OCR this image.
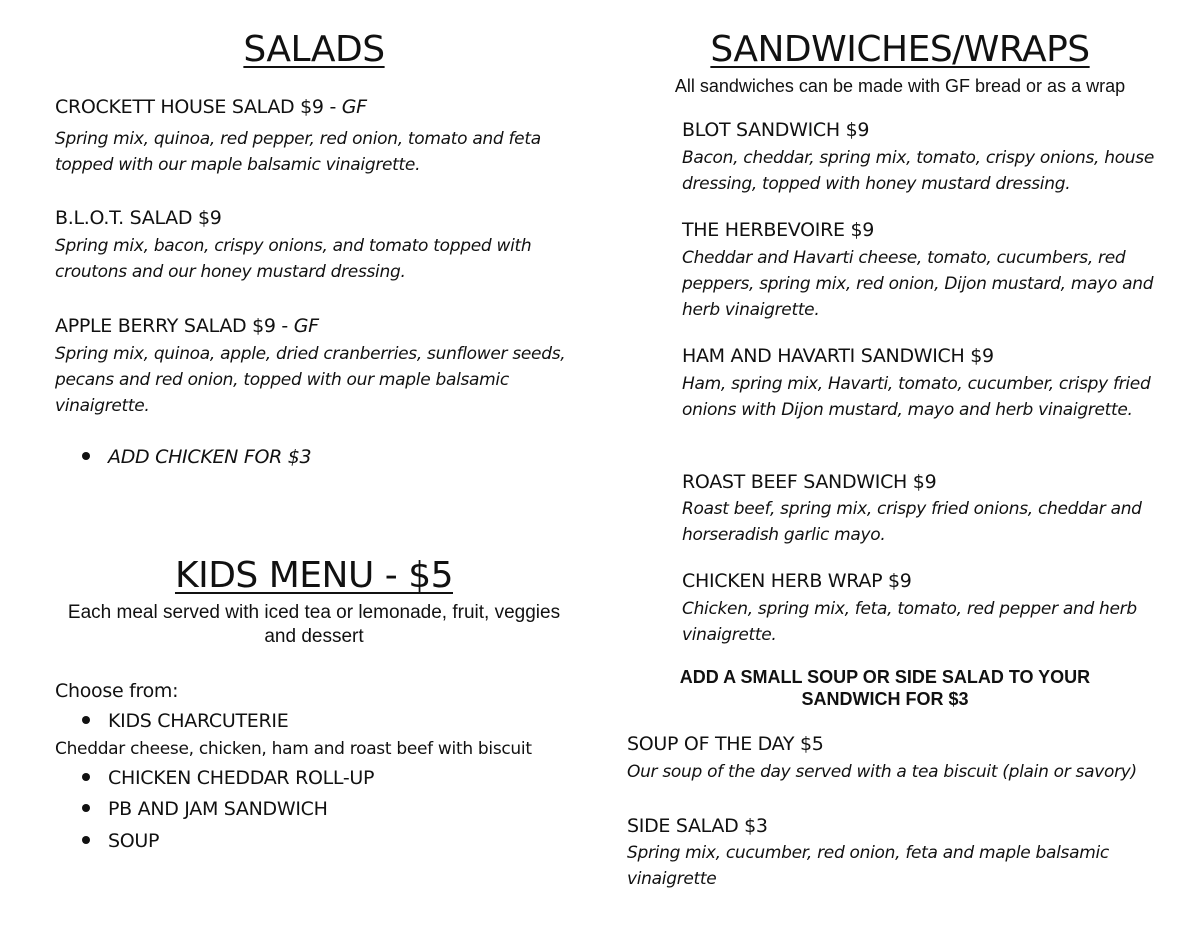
SALADS

CROCKETT HOUSE SALAD $9 - GF

Spring mix, quinoa, red pepper, red onion, tomato and feta topped with our maple balsamic vinaigrette.

B.L.O.T. SALAD $9

Spring mix, bacon, crispy onions, and tomato topped with croutons and our honey mustard dressing.

APPLE BERRY SALAD $9 - GF

Spring mix, quinoa, apple, dried cranberries, sunflower seeds, pecans and red onion, topped with our maple balsamic vinaigrette.

ADD CHICKEN FOR $3

KIDS MENU - $5

Each meal served with iced tea or lemonade, fruit, veggies and dessert

Choose from:

KIDS CHARCUTERIE

Cheddar cheese, chicken, ham and roast beef with biscuit

CHICKEN CHEDDAR ROLL-UP

PB AND JAM SANDWICH

SOUP

SANDWICHES/WRAPS

All sandwiches can be made with GF bread or as a wrap

BLOT SANDWICH $9

Bacon, cheddar, spring mix, tomato, crispy onions, house dressing, topped with honey mustard dressing.

THE HERBEVOIRE $9

Cheddar and Havarti cheese, tomato, cucumbers, red peppers, spring mix, red onion, Dijon mustard, mayo and herb vinaigrette.

HAM AND HAVARTI SANDWICH $9

Ham, spring mix, Havarti, tomato, cucumber, crispy fried onions with Dijon mustard, mayo and herb vinaigrette.

ROAST BEEF SANDWICH $9

Roast beef, spring mix, crispy fried onions, cheddar and horseradish garlic mayo.

CHICKEN HERB WRAP $9

Chicken, spring mix, feta, tomato, red pepper and herb vinaigrette.

ADD A SMALL SOUP OR SIDE SALAD TO YOUR SANDWICH FOR $3

SOUP OF THE DAY $5

Our soup of the day served with a tea biscuit (plain or savory)

SIDE SALAD $3

Spring mix, cucumber, red onion, feta and maple balsamic vinaigrette
